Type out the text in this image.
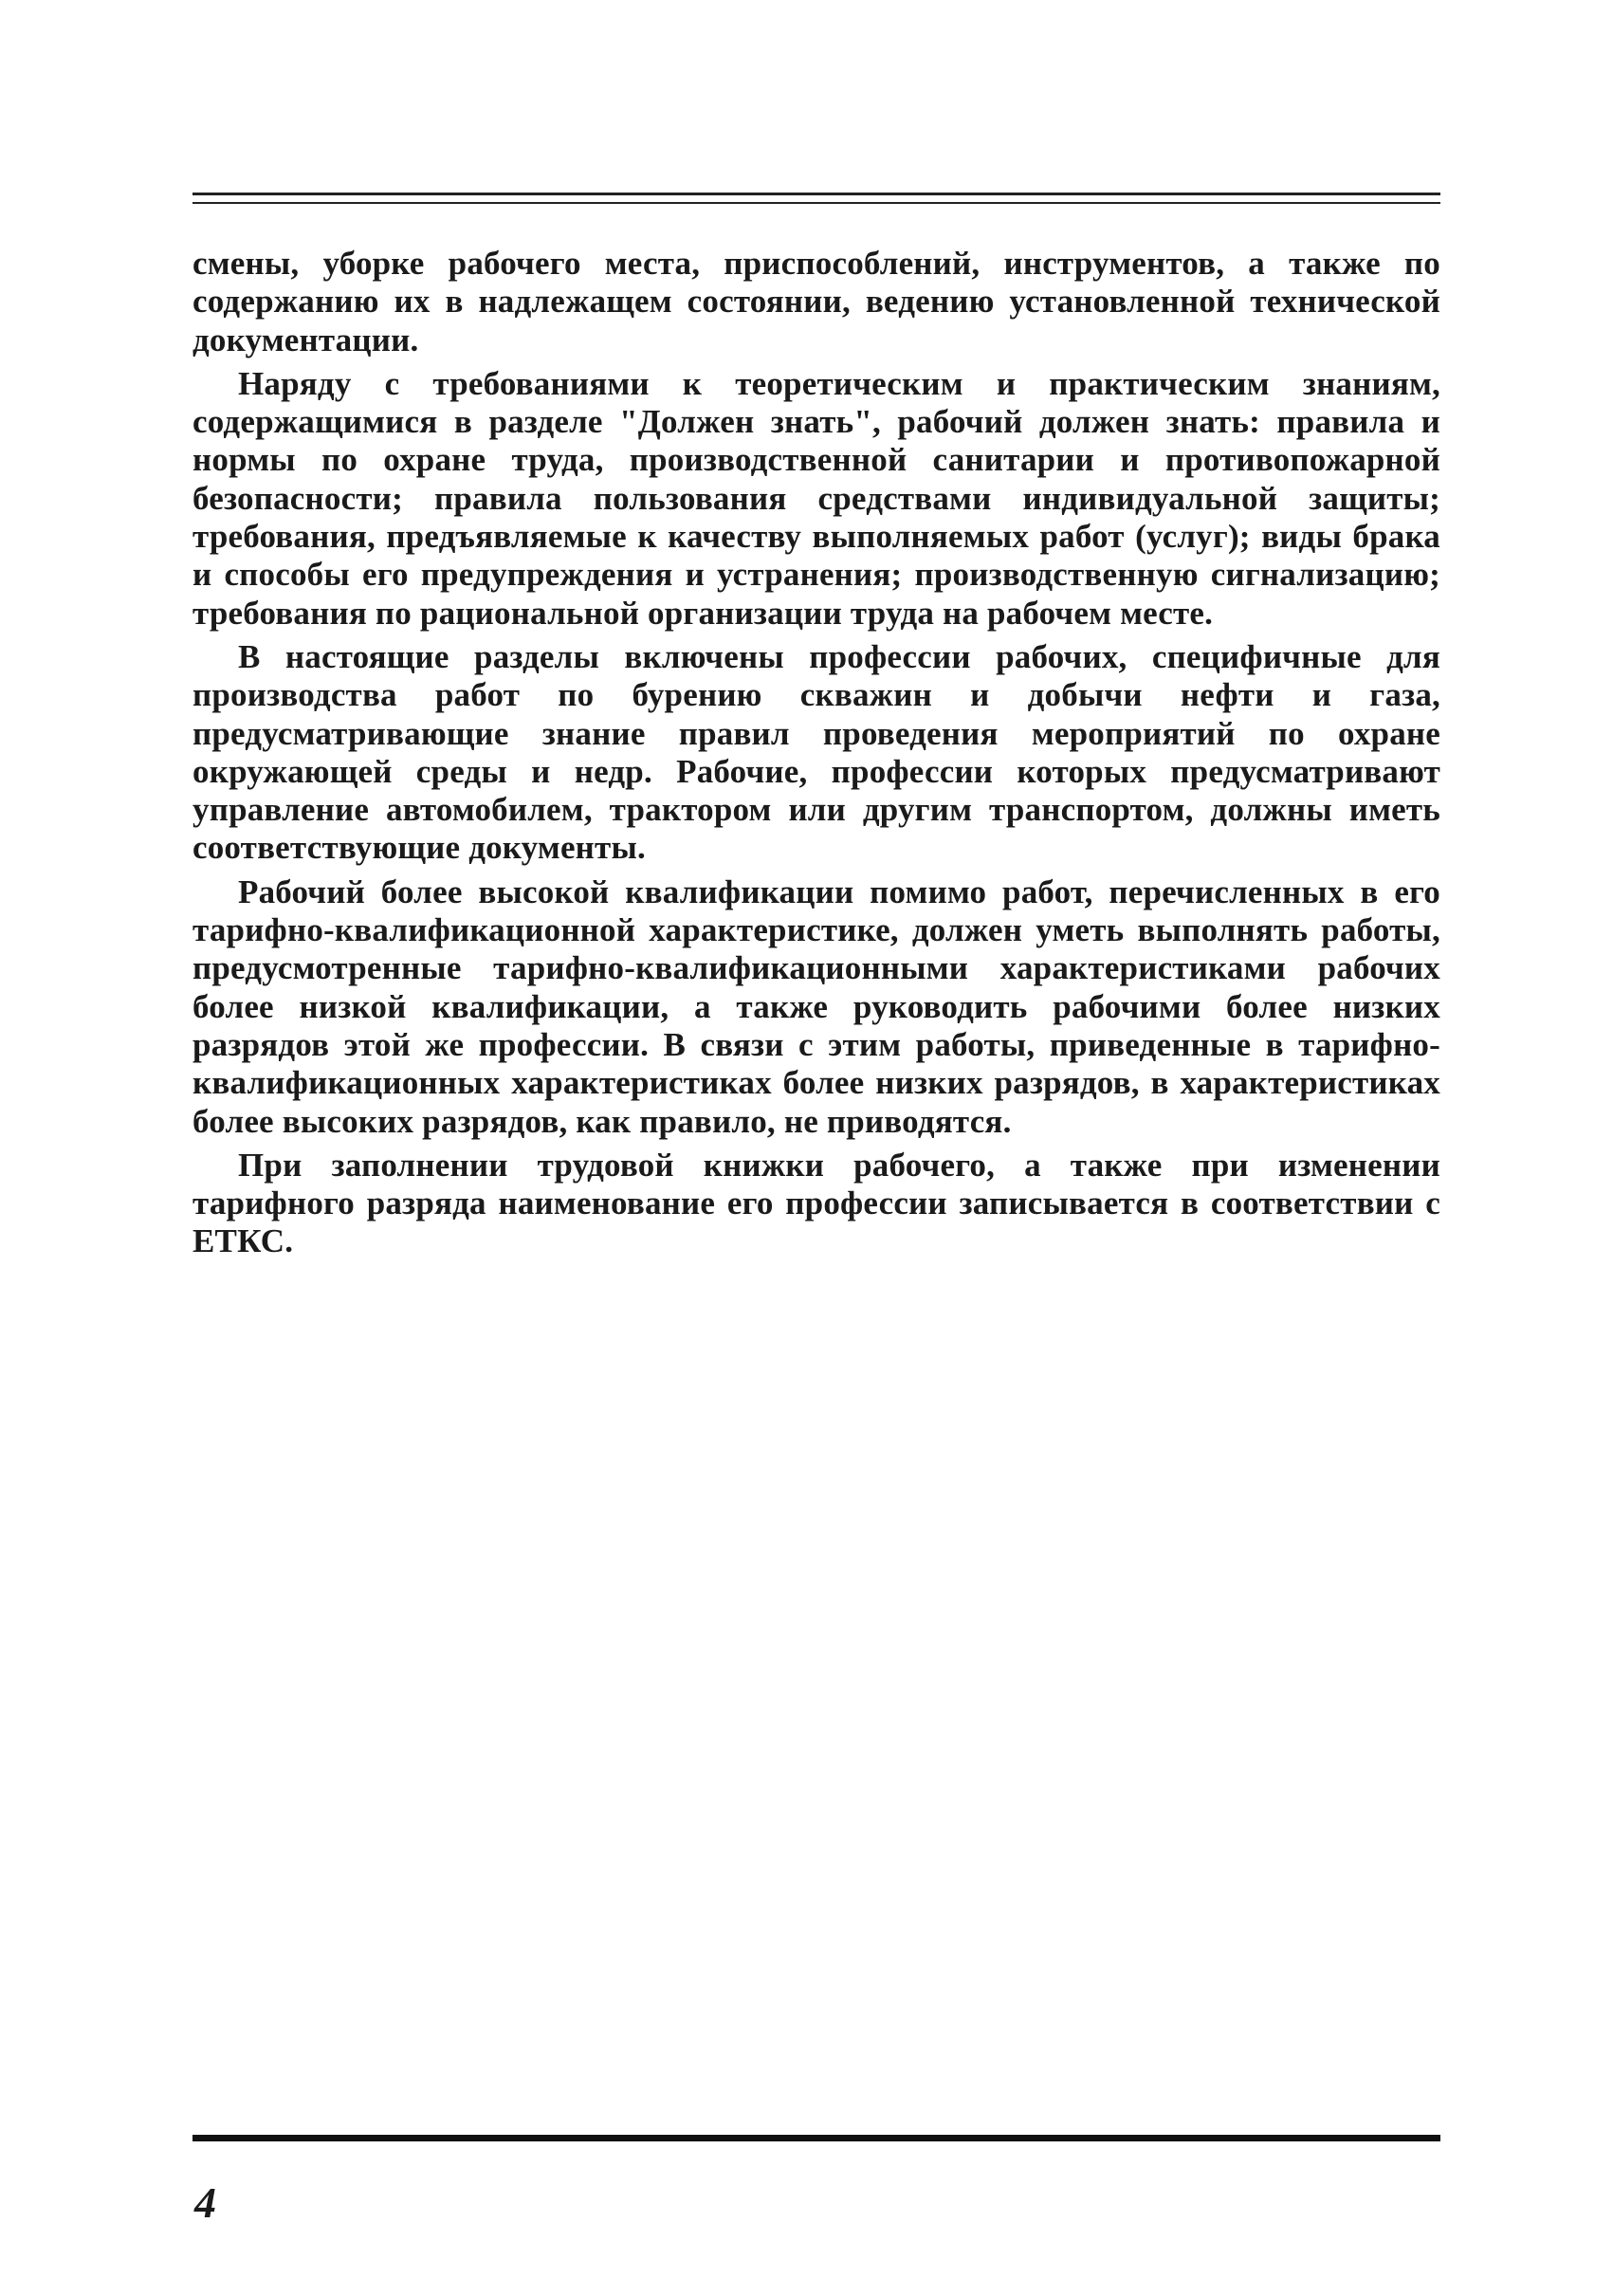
смены, уборке рабочего места, приспособлений, инструментов, а также по содержанию их в надлежащем состоянии, ведению установленной технической документации.

Наряду с требованиями к теоретическим и практическим знаниям, содержащимися в разделе "Должен знать", рабочий должен знать: правила и нормы по охране труда, производственной санитарии и противопожарной безопасности; правила пользования средствами индивидуальной защиты; требования, предъявляемые к качеству выполняемых работ (услуг); виды брака и способы его предупреждения и устранения; производственную сигнализацию; требования по рациональной организации труда на рабочем месте.

В настоящие разделы включены профессии рабочих, специфичные для производства работ по бурению скважин и добычи нефти и газа, предусматривающие знание правил проведения мероприятий по охране окружающей среды и недр. Рабочие, профессии которых предусматривают управление автомобилем, трактором или другим транспортом, должны иметь соответствующие документы.

Рабочий более высокой квалификации помимо работ, перечисленных в его тарифно-квалификационной характеристике, должен уметь выполнять работы, предусмотренные тарифно-квалификационными характеристиками рабочих более низкой квалификации, а также руководить рабочими более низких разрядов этой же профессии. В связи с этим работы, приведенные в тарифно-квалификационных характеристиках более низких разрядов, в характеристиках более высоких разрядов, как правило, не приводятся.

При заполнении трудовой книжки рабочего, а также при изменении тарифного разряда наименование его профессии записывается в соответствии с ЕТКС.

4
